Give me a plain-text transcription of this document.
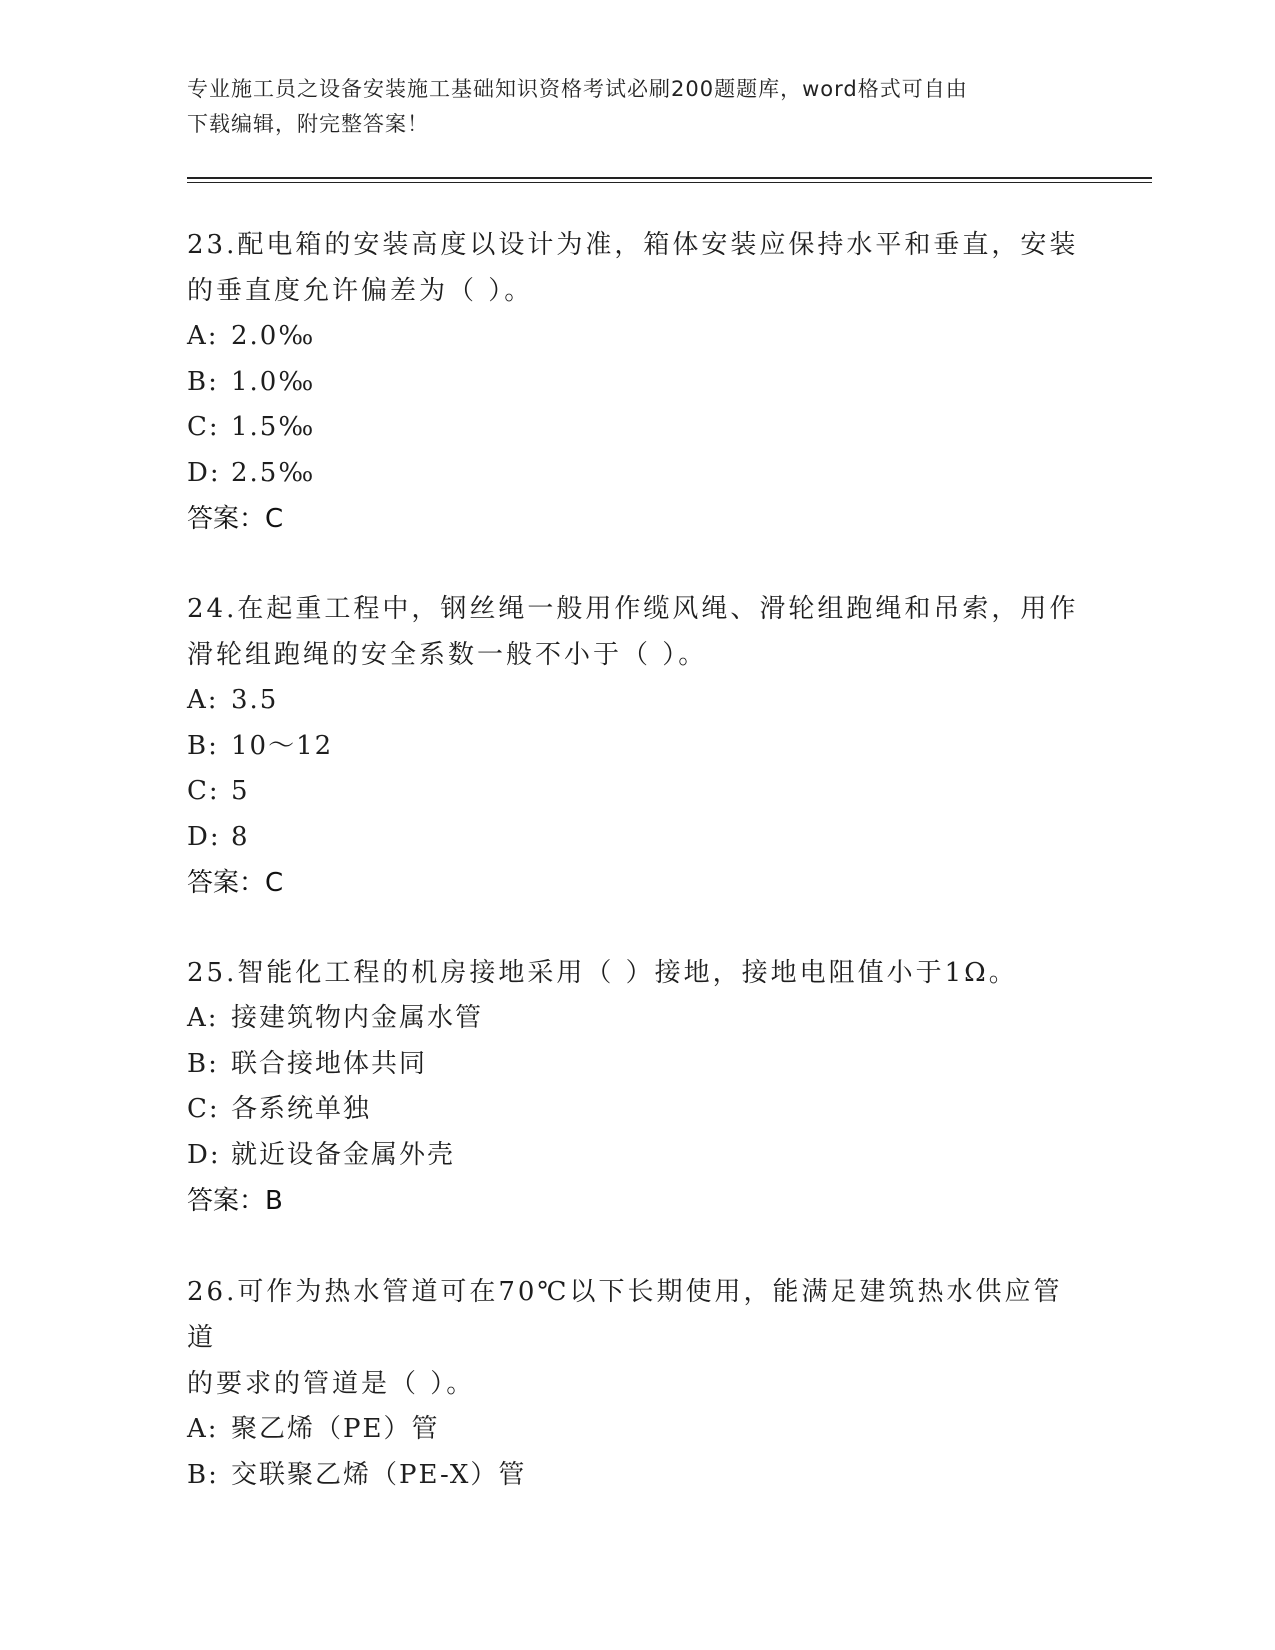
专业施工员之设备安装施工基础知识资格考试必刷200题题库，word格式可自由
下载编辑，附完整答案！

23.配电箱的安装高度以设计为准，箱体安装应保持水平和垂直，安装

的垂直度允许偏差为（ ）。

A: 2.0‰

B: 1.0‰

C: 1.5‰

D: 2.5‰

答案：C

24.在起重工程中，钢丝绳一般用作缆风绳、滑轮组跑绳和吊索，用作

滑轮组跑绳的安全系数一般不小于（ ）。

A: 3.5

B: 10～12

C: 5

D: 8

答案：C

25.智能化工程的机房接地采用（ ）接地，接地电阻值小于1Ω。

A: 接建筑物内金属水管

B: 联合接地体共同

C: 各系统单独

D: 就近设备金属外壳

答案：B

26.可作为热水管道可在70℃以下长期使用，能满足建筑热水供应管道

的要求的管道是（ ）。

A: 聚乙烯（PE）管

B: 交联聚乙烯（PE-X）管
